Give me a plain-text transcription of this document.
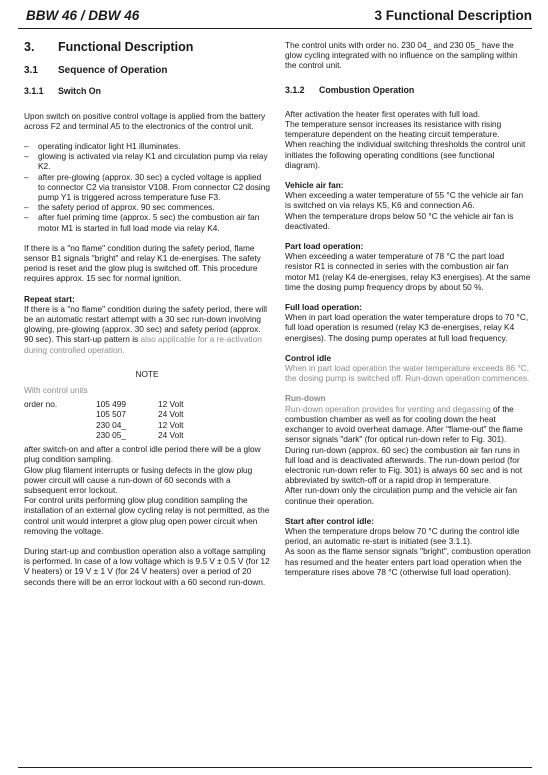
BBW 46 / DBW 46	3 Functional Description
3.	Functional Description
3.1	Sequence of Operation
3.1.1	Switch On

Upon switch on positive control voltage is applied from the battery across F2 and terminal A5 to the electronics of the control unit.

–	operating indicator light H1 illuminates.
–	glowing is activated via relay K1 and circulation pump via relay K2.
–	after pre-glowing (approx. 30 sec) a cycled voltage is applied to connector C2 via transistor V108. From connector C2 dosing pump Y1 is triggered across temperature fuse F3.
–	the safety period of approx. 90 sec commences.
–	after fuel priming time (approx. 5 sec) the combustion air fan motor M1 is started in full load mode via relay K4.

If there is a "no flame" condition during the safety period, flame sensor B1 signals "bright" and relay K1 de-energises. The safety period is reset and the glow plug is switched off. This procedure requires approx. 15 sec for normal ignition.

Repeat start:

If there is a "no flame" condition during the safety period, there will be an automatic restart attempt with a 30 sec run-down involving glowing, pre-glowing (approx. 30 sec) and safety period (approx. 90 sec). This start-up pattern is also applicable for a re-activation during controlled operation.

NOTE
With control units
order no.	105 499	12 Volt
	105 507	24 Volt
	230 04_	12 Volt
	230 05_	24 Volt

after switch-on and after a control idle period there will be a glow plug condition sampling.
Glow plug filament interrupts or fusing defects in the glow plug power circuit will cause a run-down of 60 seconds with a subsequent error lockout.
For control units performing glow plug condition sampling the installation of an external glow cycling relay is not permitted, as the control unit would interpret a glow plug open power circuit when removing the voltage.

During start-up and combustion operation also a voltage sampling is performed. In case of a low voltage which is 9.5 V ± 0.5 V (for 12 V heaters) or 19 V ± 1 V (for 24 V heaters) over a period of 20 seconds there will be an error lockout with a 60 second run-down.

The control units with order no. 230 04_ and 230 05_ have the glow cycling integrated with no influence on the sampling within the control unit.

3.1.2	Combustion Operation

After activation the heater first operates with full load.
The temperature sensor increases its resistance with rising temperature dependent on the heating circuit temperature.
When reaching the individual switching thresholds the control unit initiates the following operating conditions (see functional diagram).

Vehicle air fan:

When exceeding a water temperature of 55 °C the vehicle air fan is switched on via relays K5, K6 and connection A6.
When the temperature drops below 50 °C the vehicle air fan is deactivated.

Part load operation:

When exceeding a water temperature of 78 °C the part load resistor R1 is connected in series with the combustion air fan motor M1 (relay K4 de-energises, relay K3 energises). At the same time the dosing pump frequency drops by about 50 %.

Full load operation:

When in part load operation the water temperature drops to 70 °C, full load operation is resumed (relay K3 de-energises, relay K4 energises). The dosing pump operates at full load frequency.

Control idle

When in part load operation the water temperature exceeds 86 °C, the dosing pump is switched off. Run-down operation commences.

Run-down

Run-down operation provides for venting and degassing of the combustion chamber as well as for cooling down the heat exchanger to avoid overheat damage. After "flame-out" the flame sensor signals "dark" (for optical run-down refer to Fig. 301).
During run-down (approx. 60 sec) the combustion air fan runs in full load and is deactivated afterwards. The run-down period (for electronic run-down refer to Fig. 301) is always 60 sec and is not abbreviated by switch-off or a rapid drop in temperature.
After run-down only the circulation pump and the vehicle air fan continue their operation.

Start after control idle:

When the temperature drops below 70 °C during the control idle period, an automatic re-start is initiated (see 3.1.1).
As soon as the flame sensor signals "bright", combustion operation has resumed and the heater enters part load operation when the temperature rises above 78 °C (otherwise full load operation).
